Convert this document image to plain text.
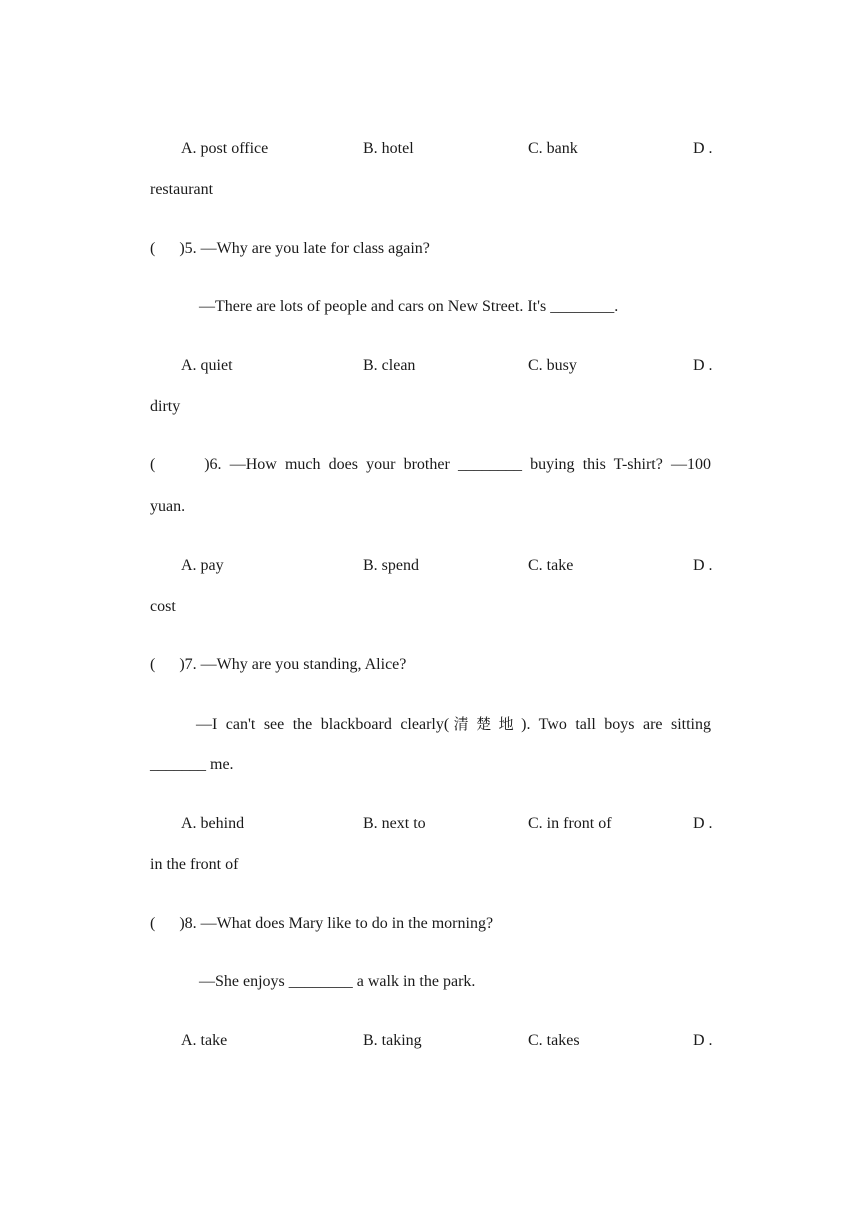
A. post office	B. hotel	C. bank	D .
restaurant
(      )5. —Why are you late for class again?
—There are lots of people and cars on New Street. It's ________.
A. quiet	B. clean	C. busy	D .
dirty
(      )6. —How much does your brother ________ buying this T-shirt? —100
yuan.
A. pay	B. spend	C. take	D .
cost
(      )7. —Why are you standing, Alice?
—I can't see the blackboard clearly(清楚地). Two tall boys are sitting
_______ me.
A. behind	B. next to	C. in front of	D .
in the front of
(      )8. —What does Mary like to do in the morning?
—She enjoys ________ a walk in the park.
A. take	B. taking	C. takes	D .
